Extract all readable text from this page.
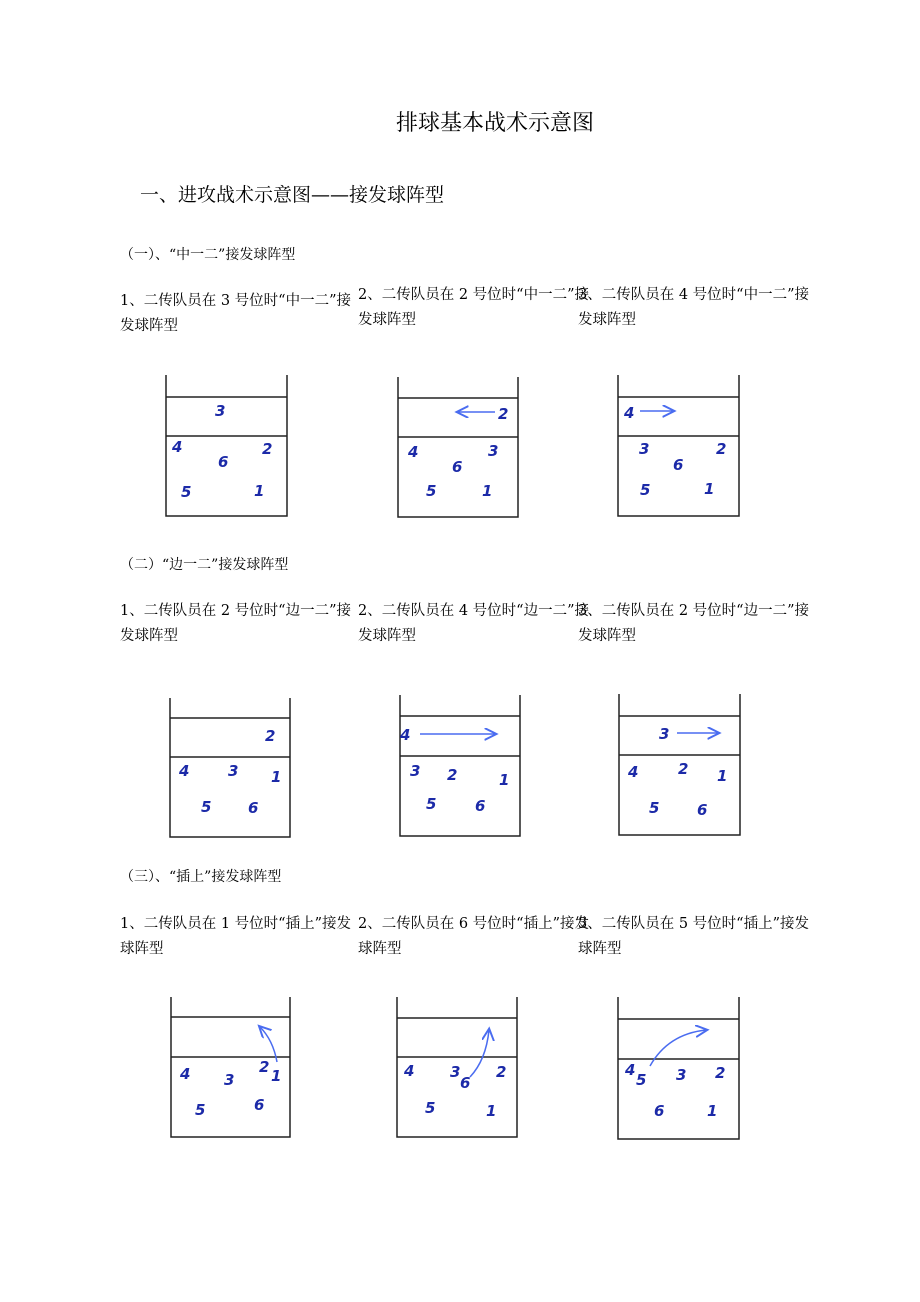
排球基本战术示意图
一、进攻战术示意图——接发球阵型
（一）、“中一二”接发球阵型
1、二传队员在 3 号位时“中一二”接发球阵型
2、二传队员在 2 号位时“中一二”接发球阵型
3、二传队员在 4 号位时“中一二”接发球阵型
（二）“边一二”接发球阵型
1、二传队员在 2 号位时“边一二”接发球阵型
2、二传队员在 4 号位时“边一二”接发球阵型
3、二传队员在 2 号位时“边一二”接发球阵型
（三）、“插上”接发球阵型
1、二传队员在 1 号位时“插上”接发球阵型
2、二传队员在 6 号位时“插上”接发球阵型
3、二传队员在 5 号位时“插上”接发球阵型
3
4	2
6
5	1
2
4	3
6
5	1
4
3	2
6
5	1
2
4	3 1
5 6
4
3 2	1
5	6
3
4	2 1
5	6
4 3
2 1
5	6
4 3
6
2
5	1
4
5 3 2
6	1
